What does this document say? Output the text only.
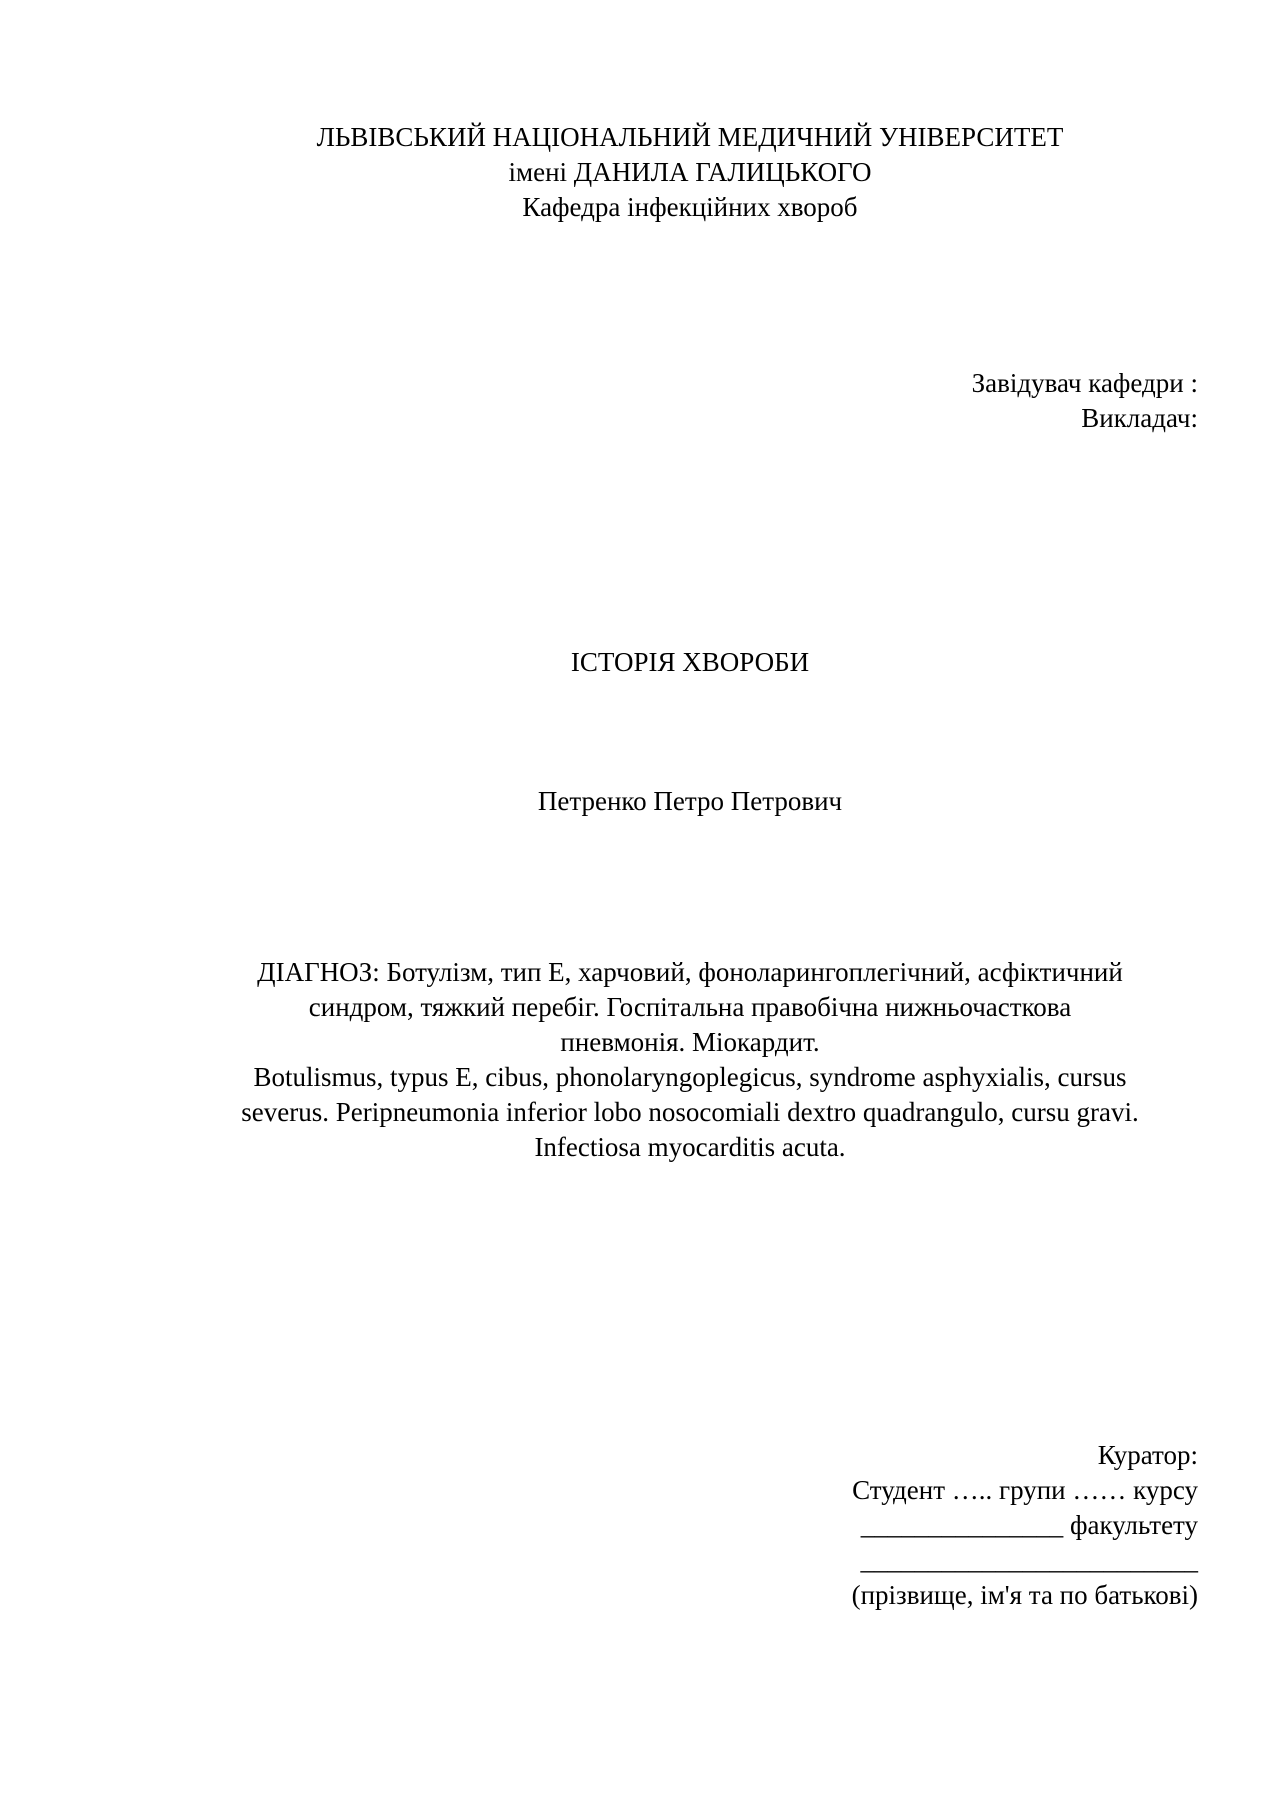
ЛЬВІВСЬКИЙ НАЦІОНАЛЬНИЙ МЕДИЧНИЙ УНІВЕРСИТЕТ
імені ДАНИЛА ГАЛИЦЬКОГО
Кафедра інфекційних хвороб
Завідувач кафедри :
Викладач:
ІСТОРІЯ ХВОРОБИ
Петренко Петро Петрович
ДІАГНОЗ: Ботулізм, тип Е, харчовий, фоноларингоплегічний, асфіктичний
синдром, тяжкий перебіг. Госпітальна правобічна нижньочасткова
пневмонія. Міокардит.
Botulismus, typus E, cibus, phonolaryngoplegicus, syndrome asphyxialis, cursus
severus. Peripneumonia inferior lobo nosocomiali dextro quadrangulo, cursu gravi.
Infectiosa myocarditis acuta.
Куратор:
Студент ….. групи …… курсу
_______________ факультету
_________________________
(прізвище, ім'я та по батькові)
